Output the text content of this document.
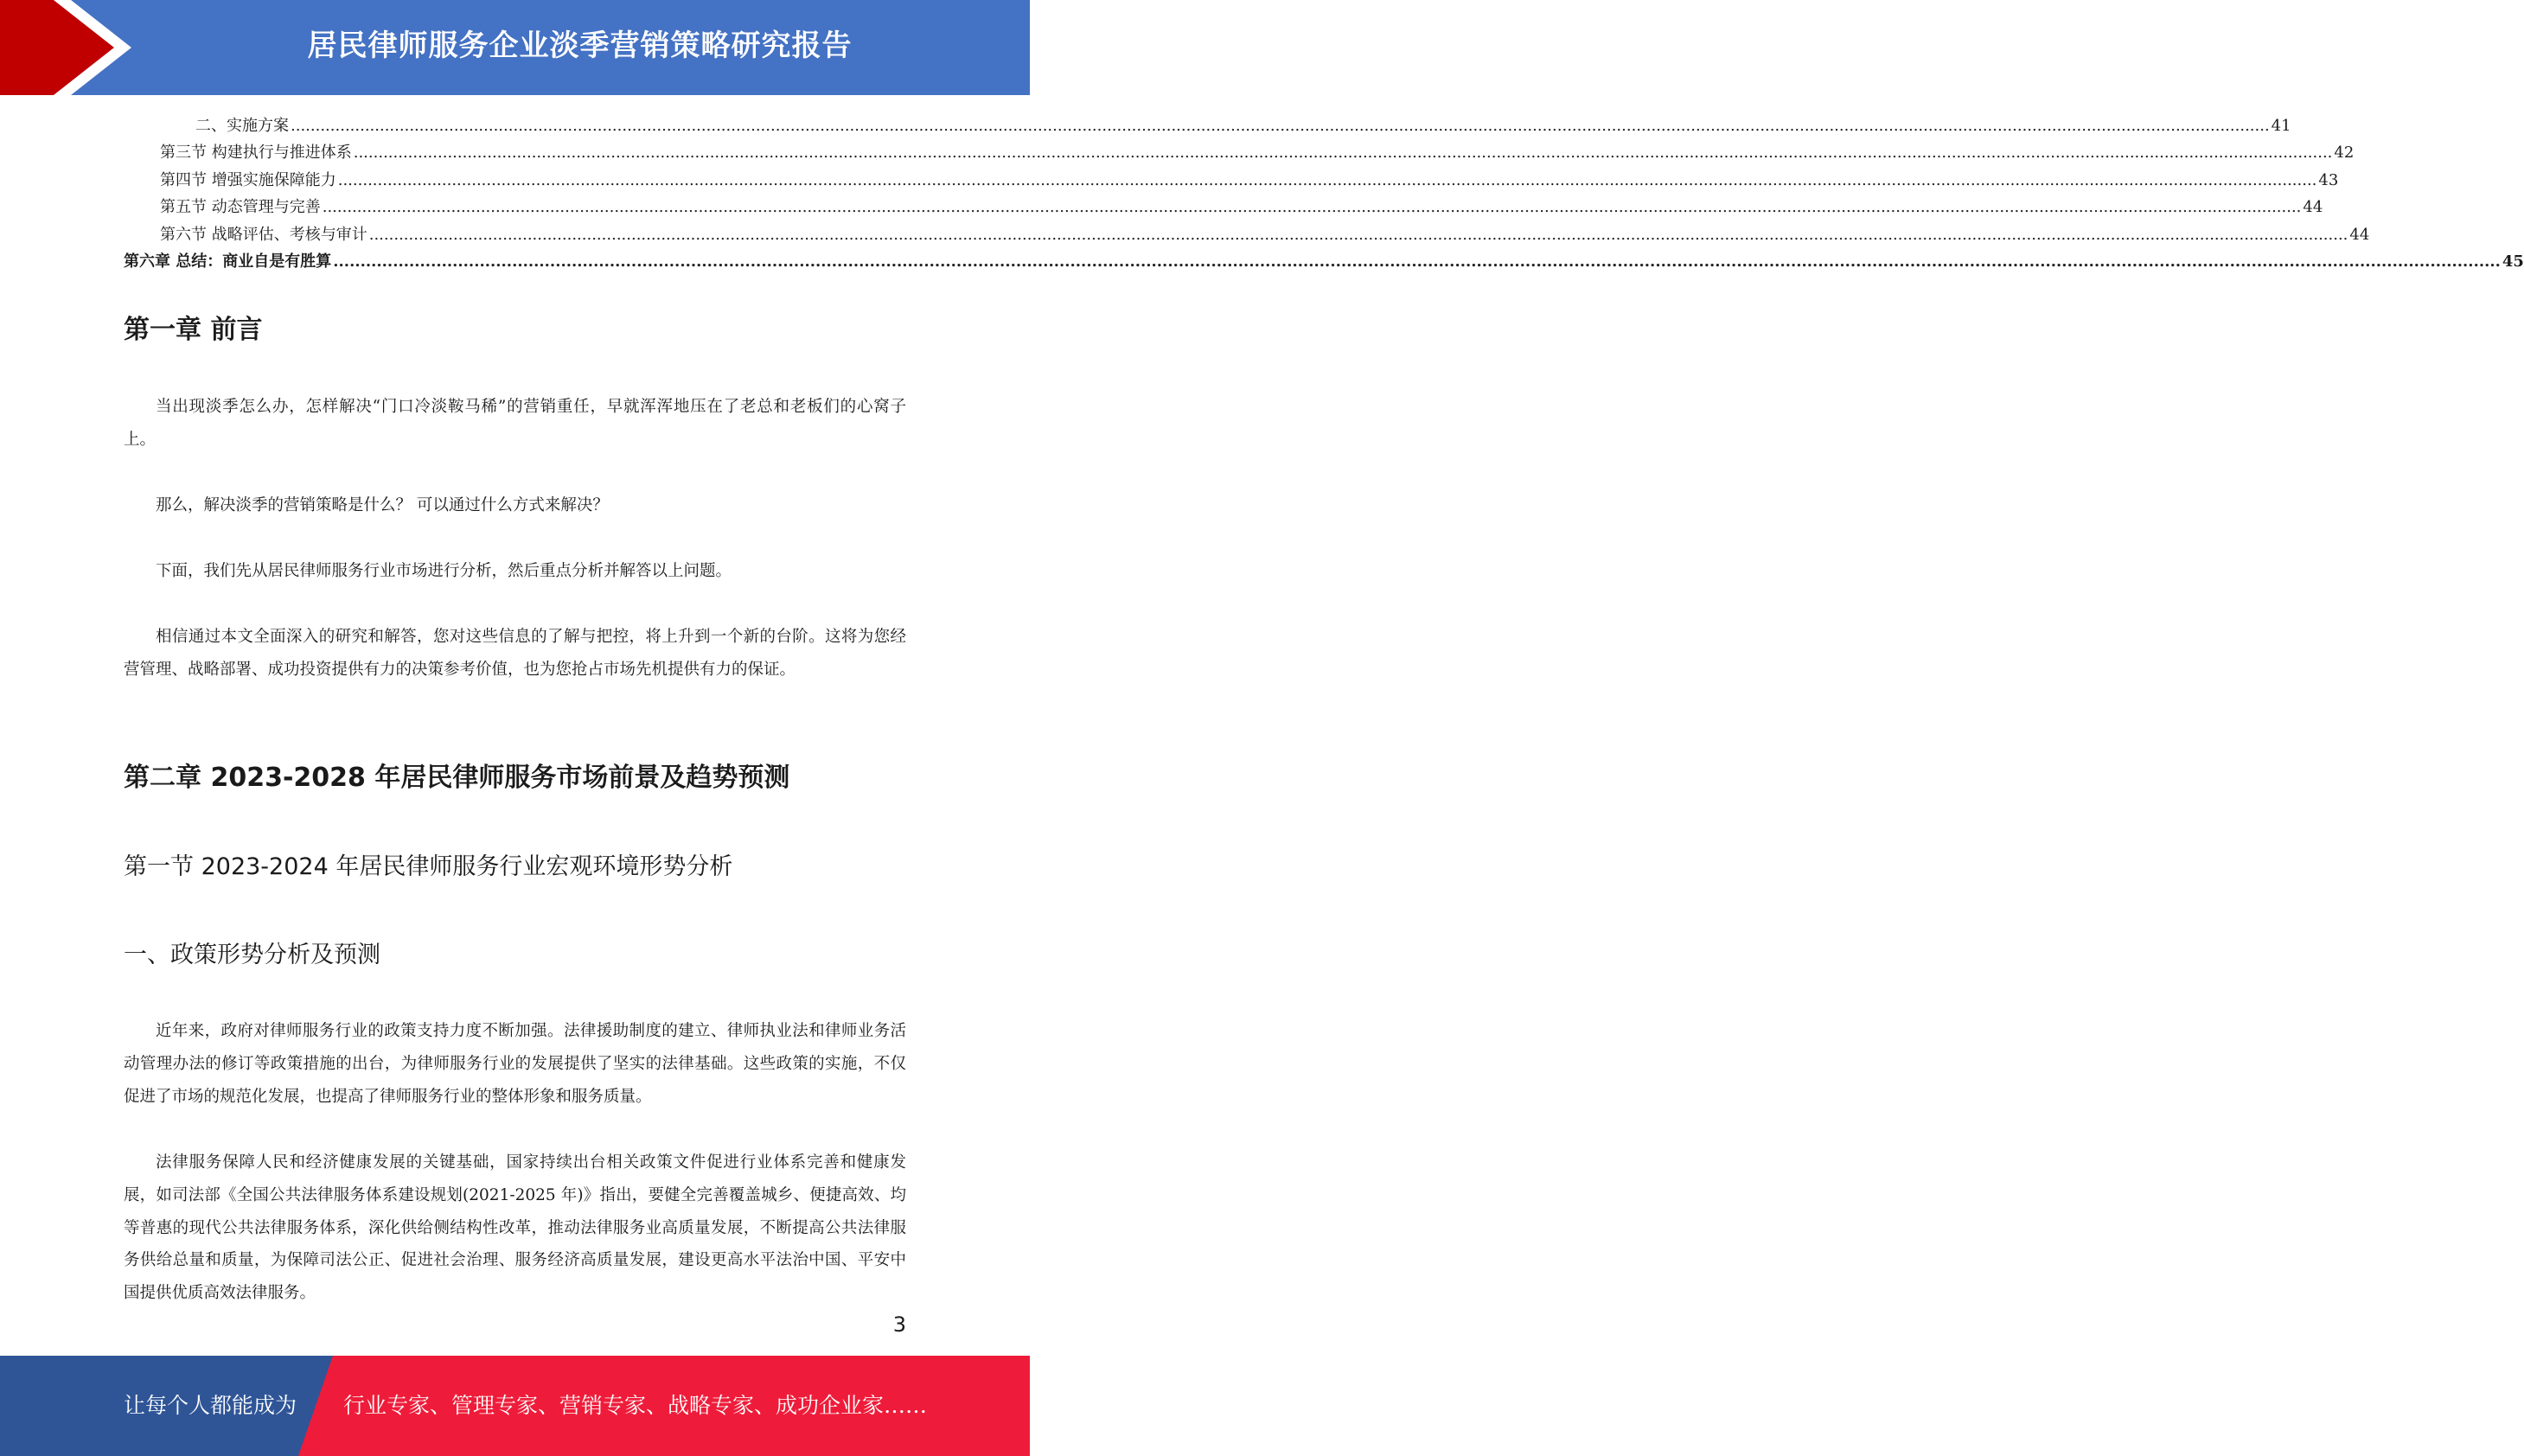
居民律师服务企业淡季营销策略研究报告
二、实施方案 ................................................................................................................................................................................................................................................................................................................................................................................................................ 41
第三节 构建执行与推进体系 ................................................................................................................................................................................................................................................................................................................................................................................................................ 42
第四节 增强实施保障能力 ................................................................................................................................................................................................................................................................................................................................................................................................................ 43
第五节 动态管理与完善 ................................................................................................................................................................................................................................................................................................................................................................................................................ 44
第六节 战略评估、考核与审计 ................................................................................................................................................................................................................................................................................................................................................................................................................ 44
第六章 总结：商业自是有胜算 ................................................................................................................................................................................................................................................................................................................................................................................................................ 45
第一章 前言

当出现淡季怎么办，怎样解决“门口冷淡鞍马稀”的营销重任，早就浑浑地压在了老总和老板们的心窝子上。

那么，解决淡季的营销策略是什么？ 可以通过什么方式来解决？

下面，我们先从居民律师服务行业市场进行分析，然后重点分析并解答以上问题。

相信通过本文全面深入的研究和解答，您对这些信息的了解与把控，将上升到一个新的台阶。这将为您经营管理、战略部署、成功投资提供有力的决策参考价值，也为您抢占市场先机提供有力的保证。

第二章 2023-2028 年居民律师服务市场前景及趋势预测
第一节 2023-2024 年居民律师服务行业宏观环境形势分析
一、政策形势分析及预测

近年来，政府对律师服务行业的政策支持力度不断加强。法律援助制度的建立、律师执业法和律师业务活动管理办法的修订等政策措施的出台，为律师服务行业的发展提供了坚实的法律基础。这些政策的实施，不仅促进了市场的规范化发展，也提高了律师服务行业的整体形象和服务质量。

法律服务保障人民和经济健康发展的关键基础，国家持续出台相关政策文件促进行业体系完善和健康发展，如司法部《全国公共法律服务体系建设规划(2021-2025 年)》指出，要健全完善覆盖城乡、便捷高效、均等普惠的现代公共法律服务体系，深化供给侧结构性改革，推动法律服务业高质量发展，不断提高公共法律服务供给总量和质量，为保障司法公正、促进社会治理、服务经济高质量发展，建设更高水平法治中国、平安中国提供优质高效法律服务。

3
让每个人都能成为 行业专家、管理专家、营销专家、战略专家、成功企业家……
